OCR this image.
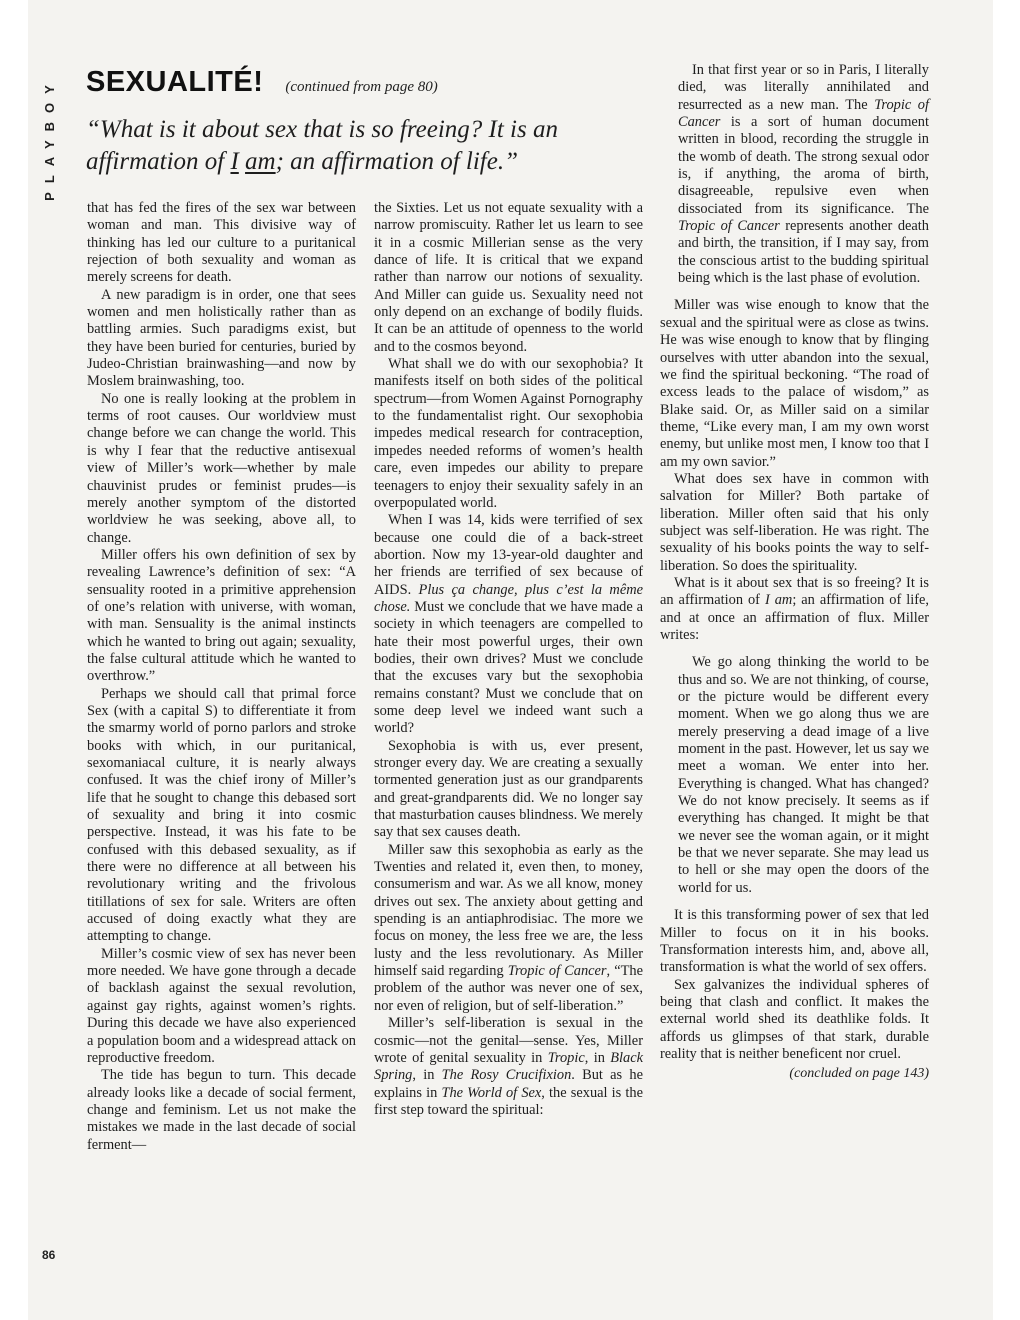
PLAYBOY SEXUALITÉ! (continued from page 80)

“What is it about sex that is so freeing? It is an affirmation of I am; an affirmation of life.”

that has fed the fires of the sex war between woman and man. This divisive way of thinking has led our culture to a puritanical rejection of both sexuality and woman as merely screens for death.

A new paradigm is in order, one that sees women and men holistically rather than as battling armies. Such paradigms exist, but they have been buried for centuries, buried by Judeo-Christian brainwashing—and now by Moslem brainwashing, too.

No one is really looking at the problem in terms of root causes. Our worldview must change before we can change the world. This is why I fear that the reductive antisexual view of Miller’s work—whether by male chauvinist prudes or feminist prudes—is merely another symptom of the distorted worldview he was seeking, above all, to change.

Miller offers his own definition of sex by revealing Lawrence’s definition of sex: “A sensuality rooted in a primitive apprehension of one’s relation with universe, with woman, with man. Sensuality is the animal instincts which he wanted to bring out again; sexuality, the false cultural attitude which he wanted to overthrow.”

Perhaps we should call that primal force Sex (with a capital S) to differentiate it from the smarmy world of porno parlors and stroke books with which, in our puritanical, sexomaniacal culture, it is nearly always confused. It was the chief irony of Miller’s life that he sought to change this debased sort of sexuality and bring it into cosmic perspective. Instead, it was his fate to be confused with this debased sexuality, as if there were no difference at all between his revolutionary writing and the frivolous titillations of sex for sale. Writers are often accused of doing exactly what they are attempting to change.

Miller’s cosmic view of sex has never been more needed. We have gone through a decade of backlash against the sexual revolution, against gay rights, against women’s rights. During this decade we have also experienced a population boom and a widespread attack on reproductive freedom.

The tide has begun to turn. This decade already looks like a decade of social ferment, change and feminism. Let us not make the mistakes we made in the last decade of social ferment—

the Sixties. Let us not equate sexuality with a narrow promiscuity. Rather let us learn to see it in a cosmic Millerian sense as the very dance of life. It is critical that we expand rather than narrow our notions of sexuality. And Miller can guide us. Sexuality need not only depend on an exchange of bodily fluids. It can be an attitude of openness to the world and to the cosmos beyond.

What shall we do with our sexophobia? It manifests itself on both sides of the political spectrum—from Women Against Pornography to the fundamentalist right. Our sexophobia impedes medical research for contraception, impedes needed reforms of women’s health care, even impedes our ability to prepare teenagers to enjoy their sexuality safely in an overpopulated world.

When I was 14, kids were terrified of sex because one could die of a back-street abortion. Now my 13-year-old daughter and her friends are terrified of sex because of AIDS. Plus ça change, plus c’est la même chose. Must we conclude that we have made a society in which teenagers are compelled to hate their most powerful urges, their own bodies, their own drives? Must we conclude that the excuses vary but the sexophobia remains constant? Must we conclude that on some deep level we indeed want such a world?

Sexophobia is with us, ever present, stronger every day. We are creating a sexually tormented generation just as our grandparents and great-grandparents did. We no longer say that masturbation causes blindness. We merely say that sex causes death.

Miller saw this sexophobia as early as the Twenties and related it, even then, to money, consumerism and war. As we all know, money drives out sex. The anxiety about getting and spending is an antiaphrodisiac. The more we focus on money, the less free we are, the less lusty and the less revolutionary. As Miller himself said regarding Tropic of Cancer, “The problem of the author was never one of sex, nor even of religion, but of self-liberation.”

Miller’s self-liberation is sexual in the cosmic—not the genital—sense. Yes, Miller wrote of genital sexuality in Tropic, in Black Spring, in The Rosy Crucifixion. But as he explains in The World of Sex, the sexual is the first step toward the spiritual:

In that first year or so in Paris, I literally died, was literally annihilated and resurrected as a new man. The Tropic of Cancer is a sort of human document written in blood, recording the struggle in the womb of death. The strong sexual odor is, if anything, the aroma of birth, disagreeable, repulsive even when dissociated from its significance. The Tropic of Cancer represents another death and birth, the transition, if I may say, from the conscious artist to the budding spiritual being which is the last phase of evolution.

Miller was wise enough to know that the sexual and the spiritual were as close as twins. He was wise enough to know that by flinging ourselves with utter abandon into the sexual, we find the spiritual beckoning. “The road of excess leads to the palace of wisdom,” as Blake said. Or, as Miller said on a similar theme, “Like every man, I am my own worst enemy, but unlike most men, I know too that I am my own savior.”

What does sex have in common with salvation for Miller? Both partake of liberation. Miller often said that his only subject was self-liberation. He was right. The sexuality of his books points the way to self-liberation. So does the spirituality.

What is it about sex that is so freeing? It is an affirmation of I am; an affirmation of life, and at once an affirmation of flux. Miller writes:

We go along thinking the world to be thus and so. We are not thinking, of course, or the picture would be different every moment. When we go along thus we are merely preserving a dead image of a live moment in the past. However, let us say we meet a woman. We enter into her. Everything is changed. What has changed? We do not know precisely. It seems as if everything has changed. It might be that we never see the woman again, or it might be that we never separate. She may lead us to hell or she may open the doors of the world for us.

It is this transforming power of sex that led Miller to focus on it in his books. Transformation interests him, and, above all, transformation is what the world of sex offers.

Sex galvanizes the individual spheres of being that clash and conflict. It makes the external world shed its deathlike folds. It affords us glimpses of that stark, durable reality that is neither beneficent nor cruel.

(concluded on page 143)
86
